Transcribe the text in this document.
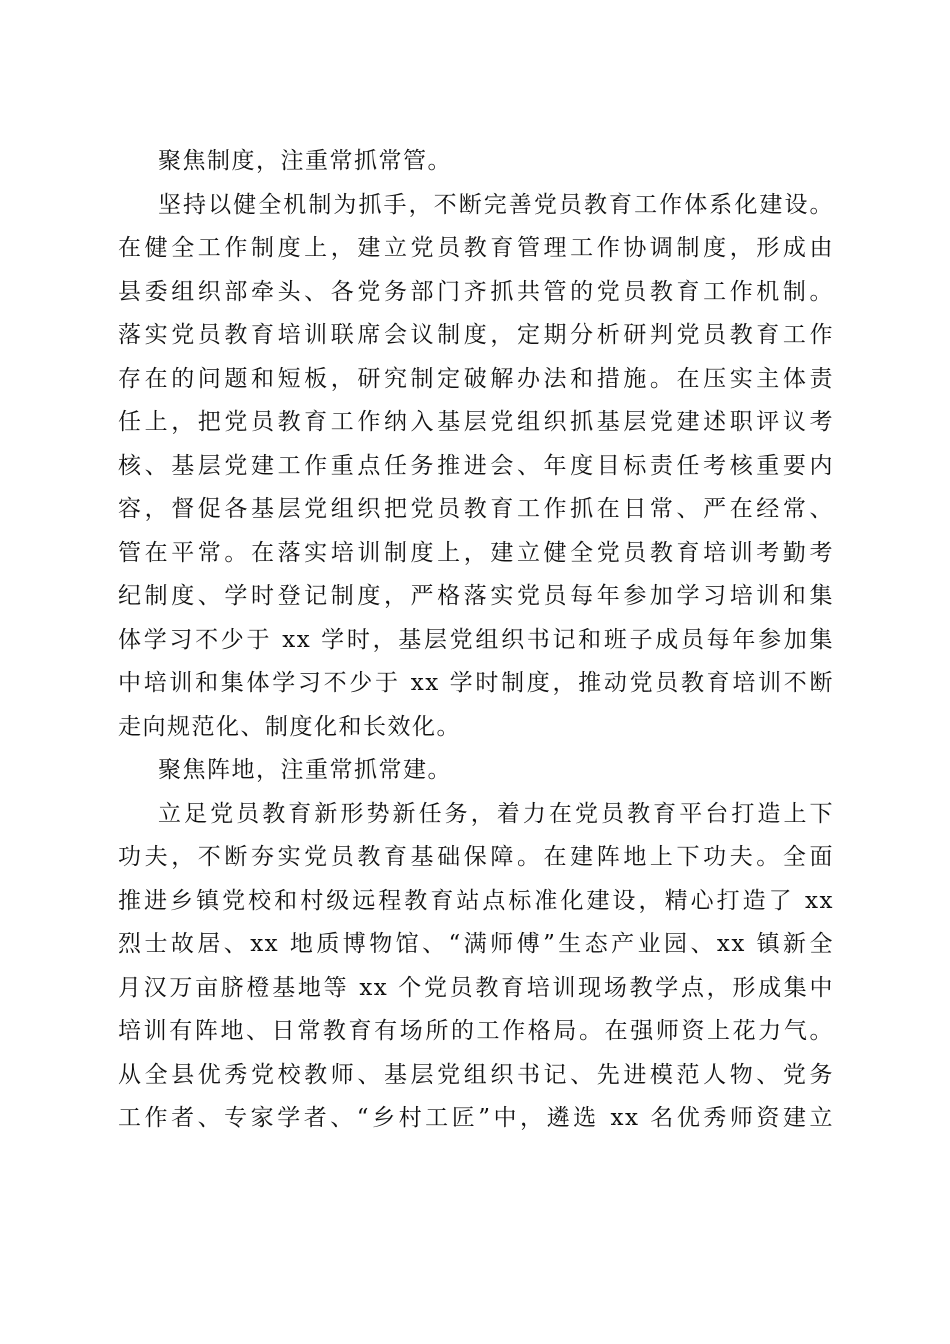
聚焦制度，注重常抓常管。
坚持以健全机制为抓手，不断完善党员教育工作体系化建设。
在健全工作制度上，建立党员教育管理工作协调制度，形成由
县委组织部牵头、各党务部门齐抓共管的党员教育工作机制。
落实党员教育培训联席会议制度，定期分析研判党员教育工作
存在的问题和短板，研究制定破解办法和措施。在压实主体责
任上，把党员教育工作纳入基层党组织抓基层党建述职评议考
核、基层党建工作重点任务推进会、年度目标责任考核重要内
容，督促各基层党组织把党员教育工作抓在日常、严在经常、
管在平常。在落实培训制度上，建立健全党员教育培训考勤考
纪制度、学时登记制度，严格落实党员每年参加学习培训和集
体学习不少于 xx 学时，基层党组织书记和班子成员每年参加集
中培训和集体学习不少于 xx 学时制度，推动党员教育培训不断
走向规范化、制度化和长效化。
聚焦阵地，注重常抓常建。
立足党员教育新形势新任务，着力在党员教育平台打造上下
功夫，不断夯实党员教育基础保障。在建阵地上下功夫。全面
推进乡镇党校和村级远程教育站点标准化建设，精心打造了 xx
烈士故居、xx 地质博物馆、“满师傅”生态产业园、xx 镇新全
月汉万亩脐橙基地等 xx 个党员教育培训现场教学点，形成集中
培训有阵地、日常教育有场所的工作格局。在强师资上花力气。
从全县优秀党校教师、基层党组织书记、先进模范人物、党务
工作者、专家学者、“乡村工匠”中，遴选 xx 名优秀师资建立
